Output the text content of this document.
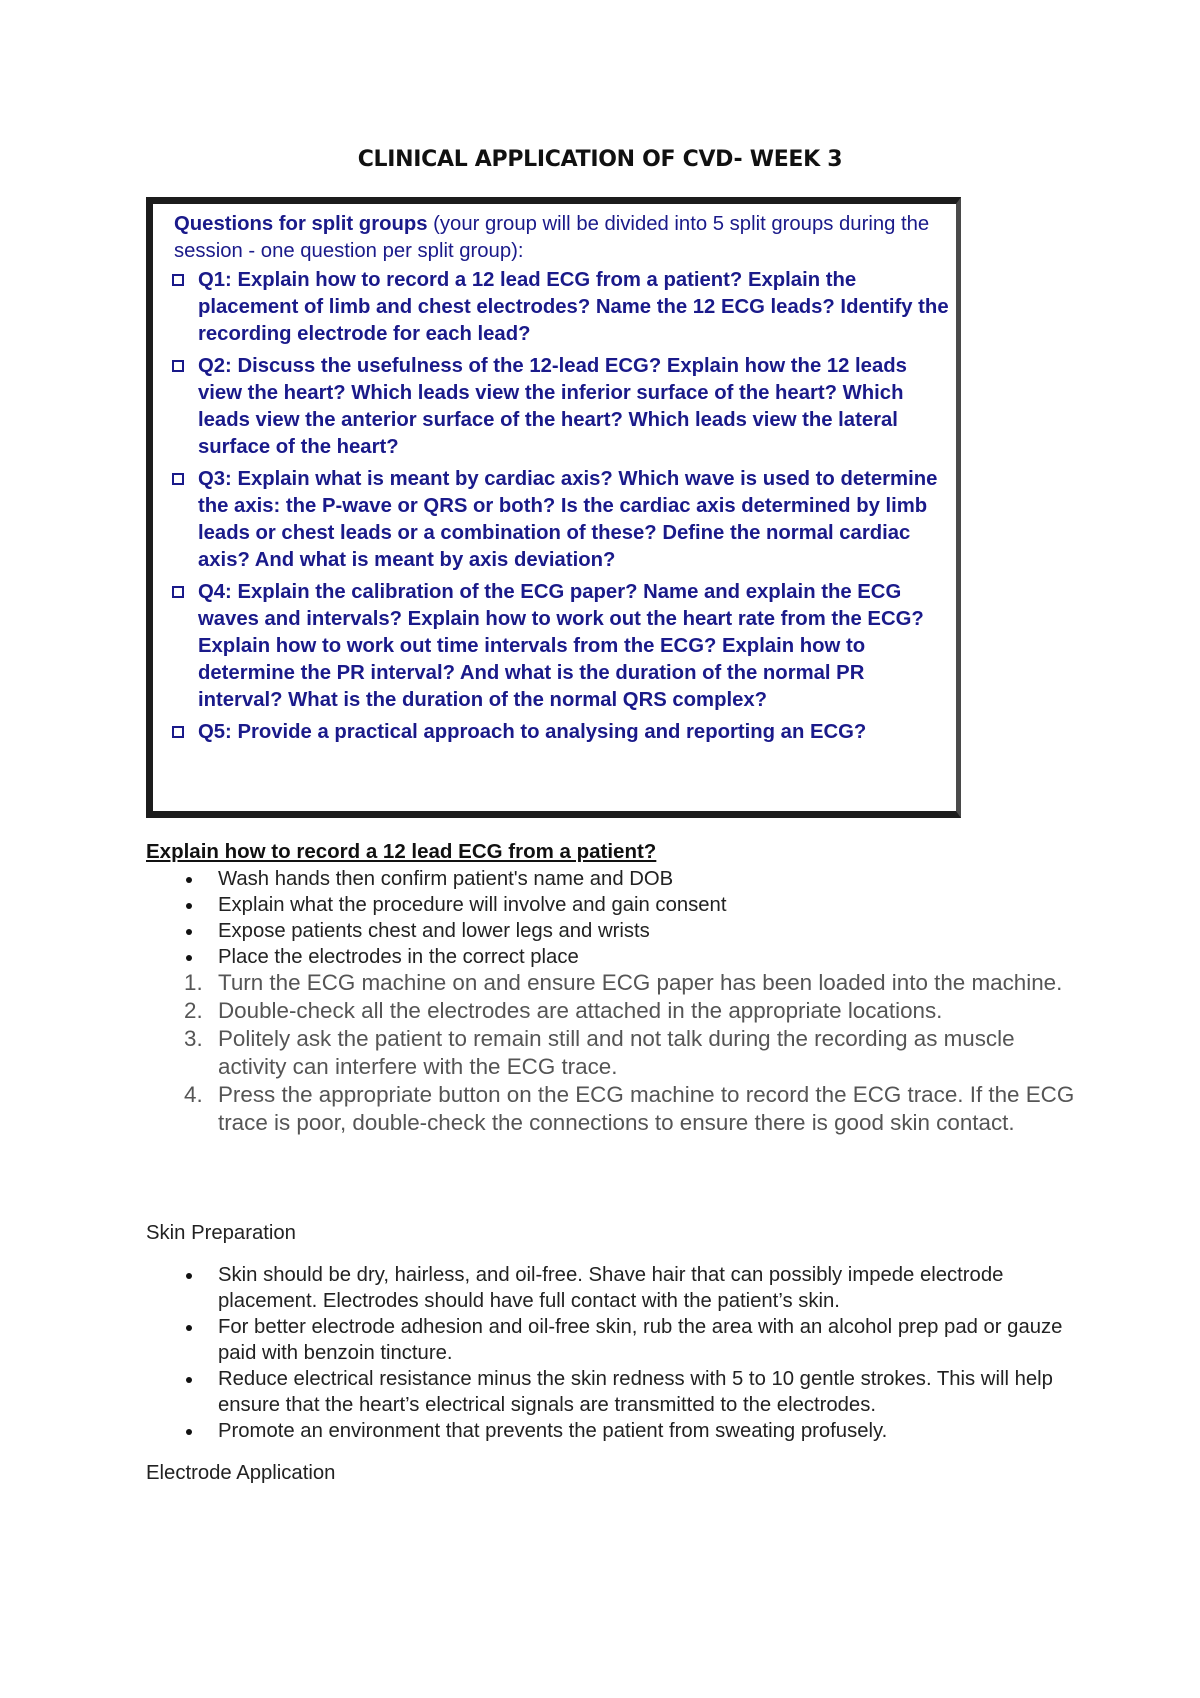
CLINICAL APPLICATION OF CVD- WEEK 3
Questions for split groups (your group will be divided into 5 split groups during the session - one question per split group):
Q1: Explain how to record a 12 lead ECG from a patient? Explain the placement of limb and chest electrodes? Name the 12 ECG leads? Identify the recording electrode for each lead?
Q2: Discuss the usefulness of the 12-lead ECG? Explain how the 12 leads view the heart? Which leads view the inferior surface of the heart? Which leads view the anterior surface of the heart? Which leads view the lateral surface of the heart?
Q3: Explain what is meant by cardiac axis? Which wave is used to determine the axis: the P-wave or QRS or both? Is the cardiac axis determined by limb leads or chest leads or a combination of these? Define the normal cardiac axis? And what is meant by axis deviation?
Q4: Explain the calibration of the ECG paper? Name and explain the ECG waves and intervals? Explain how to work out the heart rate from the ECG? Explain how to work out time intervals from the ECG? Explain how to determine the PR interval? And what is the duration of the normal PR interval? What is the duration of the normal QRS complex?
Q5: Provide a practical approach to analysing and reporting an ECG?
Explain how to record a 12 lead ECG from a patient?
Wash hands then confirm patient's name and DOB
Explain what the procedure will involve and gain consent
Expose patients chest and lower legs and wrists
Place the electrodes in the correct place
1. Turn the ECG machine on and ensure ECG paper has been loaded into the machine.
2. Double-check all the electrodes are attached in the appropriate locations.
3. Politely ask the patient to remain still and not talk during the recording as muscle activity can interfere with the ECG trace.
4. Press the appropriate button on the ECG machine to record the ECG trace. If the ECG trace is poor, double-check the connections to ensure there is good skin contact.
Skin Preparation
Skin should be dry, hairless, and oil-free. Shave hair that can possibly impede electrode placement. Electrodes should have full contact with the patient’s skin.
For better electrode adhesion and oil-free skin, rub the area with an alcohol prep pad or gauze paid with benzoin tincture.
Reduce electrical resistance minus the skin redness with 5 to 10 gentle strokes. This will help ensure that the heart’s electrical signals are transmitted to the electrodes.
Promote an environment that prevents the patient from sweating profusely.
Electrode Application
